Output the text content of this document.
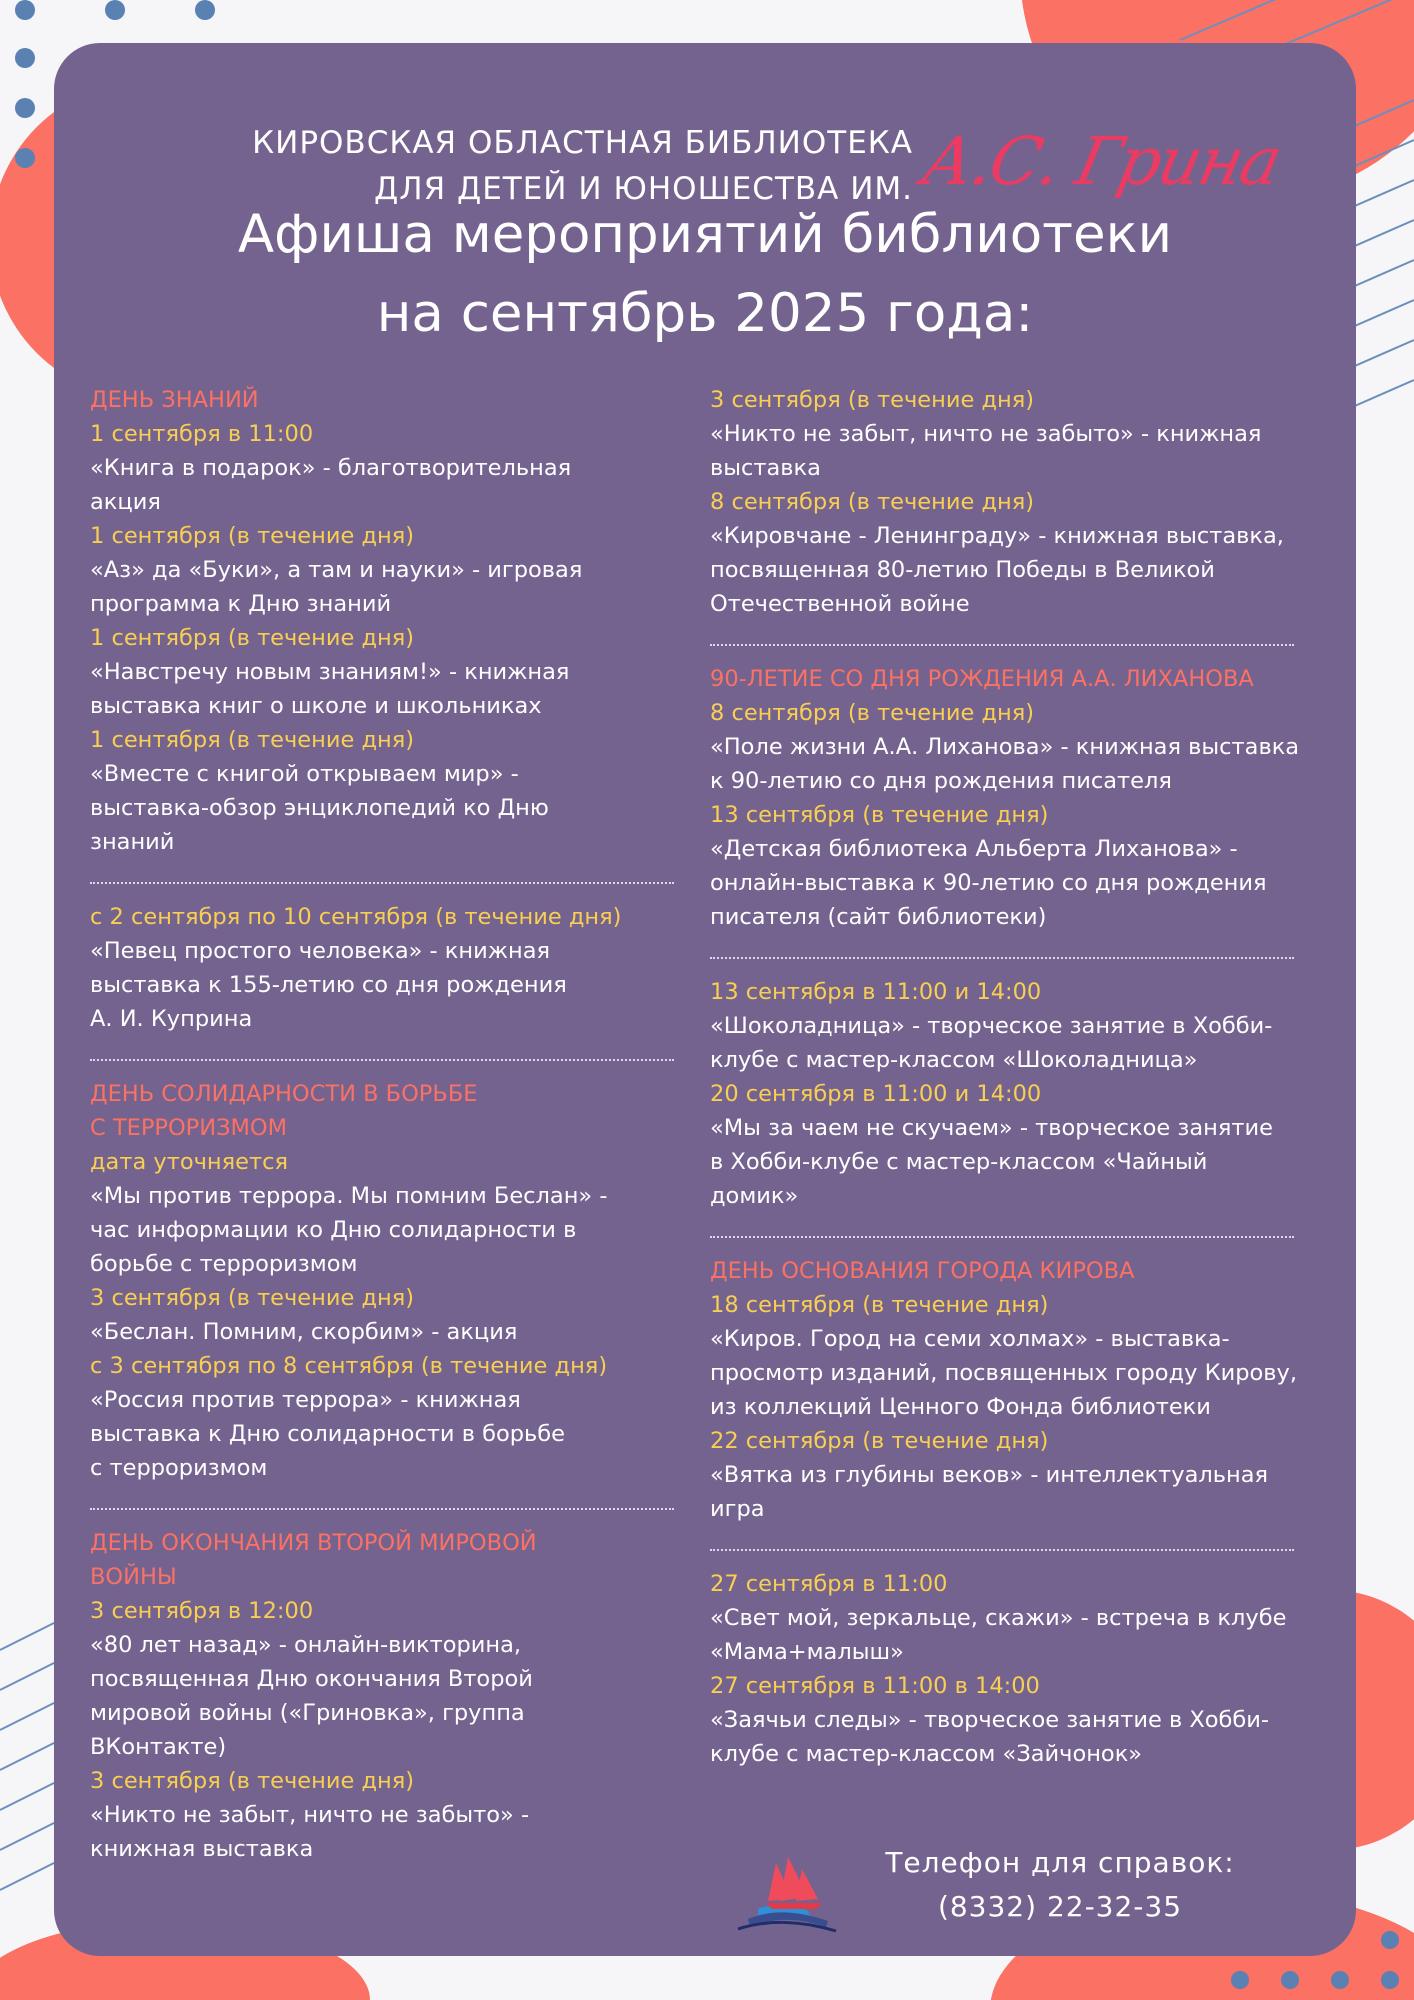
КИРОВСКАЯ ОБЛАСТНАЯ БИБЛИОТЕКА
ДЛЯ ДЕТЕЙ И ЮНОШЕСТВА ИМ. А.С. Грина
Афиша мероприятий библиотеки
на сентябрь 2025 года:
ДЕНЬ ЗНАНИЙ
1 сентября в 11:00
«Книга в подарок» - благотворительная
акция
1 сентября (в течение дня)
«Аз» да «Буки», а там и науки» - игровая
программа к Дню знаний
1 сентября (в течение дня)
«Навстречу новым знаниям!» - книжная
выставка книг о школе и школьниках
1 сентября (в течение дня)
«Вместе с книгой открываем мир» -
выставка-обзор энциклопедий ко Дню
знаний
с 2 сентября по 10 сентября (в течение дня)
«Певец простого человека» - книжная
выставка к 155-летию со дня рождения
А. И. Куприна
ДЕНЬ СОЛИДАРНОСТИ В БОРЬБЕ
С ТЕРРОРИЗМОМ
дата уточняется
«Мы против террора. Мы помним Беслан» -
час информации ко Дню солидарности в
борьбе с терроризмом
3 сентября (в течение дня)
«Беслан. Помним, скорбим» - акция
с 3 сентября по 8 сентября (в течение дня)
«Россия против террора» - книжная
выставка к Дню солидарности в борьбе
с терроризмом
ДЕНЬ ОКОНЧАНИЯ ВТОРОЙ МИРОВОЙ
ВОЙНЫ
3 сентября в 12:00
«80 лет назад» - онлайн-викторина,
посвященная Дню окончания Второй
мировой войны («Гриновка», группа
ВКонтакте)
3 сентября (в течение дня)
«Никто не забыт, ничто не забыто» -
книжная выставка
3 сентября (в течение дня)
«Никто не забыт, ничто не забыто» - книжная
выставка
8 сентября (в течение дня)
«Кировчане - Ленинграду» - книжная выставка,
посвященная 80-летию Победы в Великой
Отечественной войне
90-ЛЕТИЕ СО ДНЯ РОЖДЕНИЯ А.А. ЛИХАНОВА
8 сентября (в течение дня)
«Поле жизни А.А. Лиханова» - книжная выставка
к 90-летию со дня рождения писателя
13 сентября (в течение дня)
«Детская библиотека Альберта Лиханова» -
онлайн-выставка к 90-летию со дня рождения
писателя (сайт библиотеки)
13 сентября в 11:00 и 14:00
«Шоколадница» - творческое занятие в Хобби-
клубе с мастер-классом «Шоколадница»
20 сентября в 11:00 и 14:00
«Мы за чаем не скучаем» - творческое занятие
в Хобби-клубе с мастер-классом «Чайный
домик»
ДЕНЬ ОСНОВАНИЯ ГОРОДА КИРОВА
18 сентября (в течение дня)
«Киров. Город на семи холмах» - выставка-
просмотр изданий, посвященных городу Кирову,
из коллекций Ценного Фонда библиотеки
22 сентября (в течение дня)
«Вятка из глубины веков» - интеллектуальная
игра
27 сентября в 11:00
«Свет мой, зеркальце, скажи» - встреча в клубе
«Мама+малыш»
27 сентября в 11:00 в 14:00
«Заячьи следы» - творческое занятие в Хобби-
клубе с мастер-классом «Зайчонок»
Телефон для справок:
(8332) 22-32-35
